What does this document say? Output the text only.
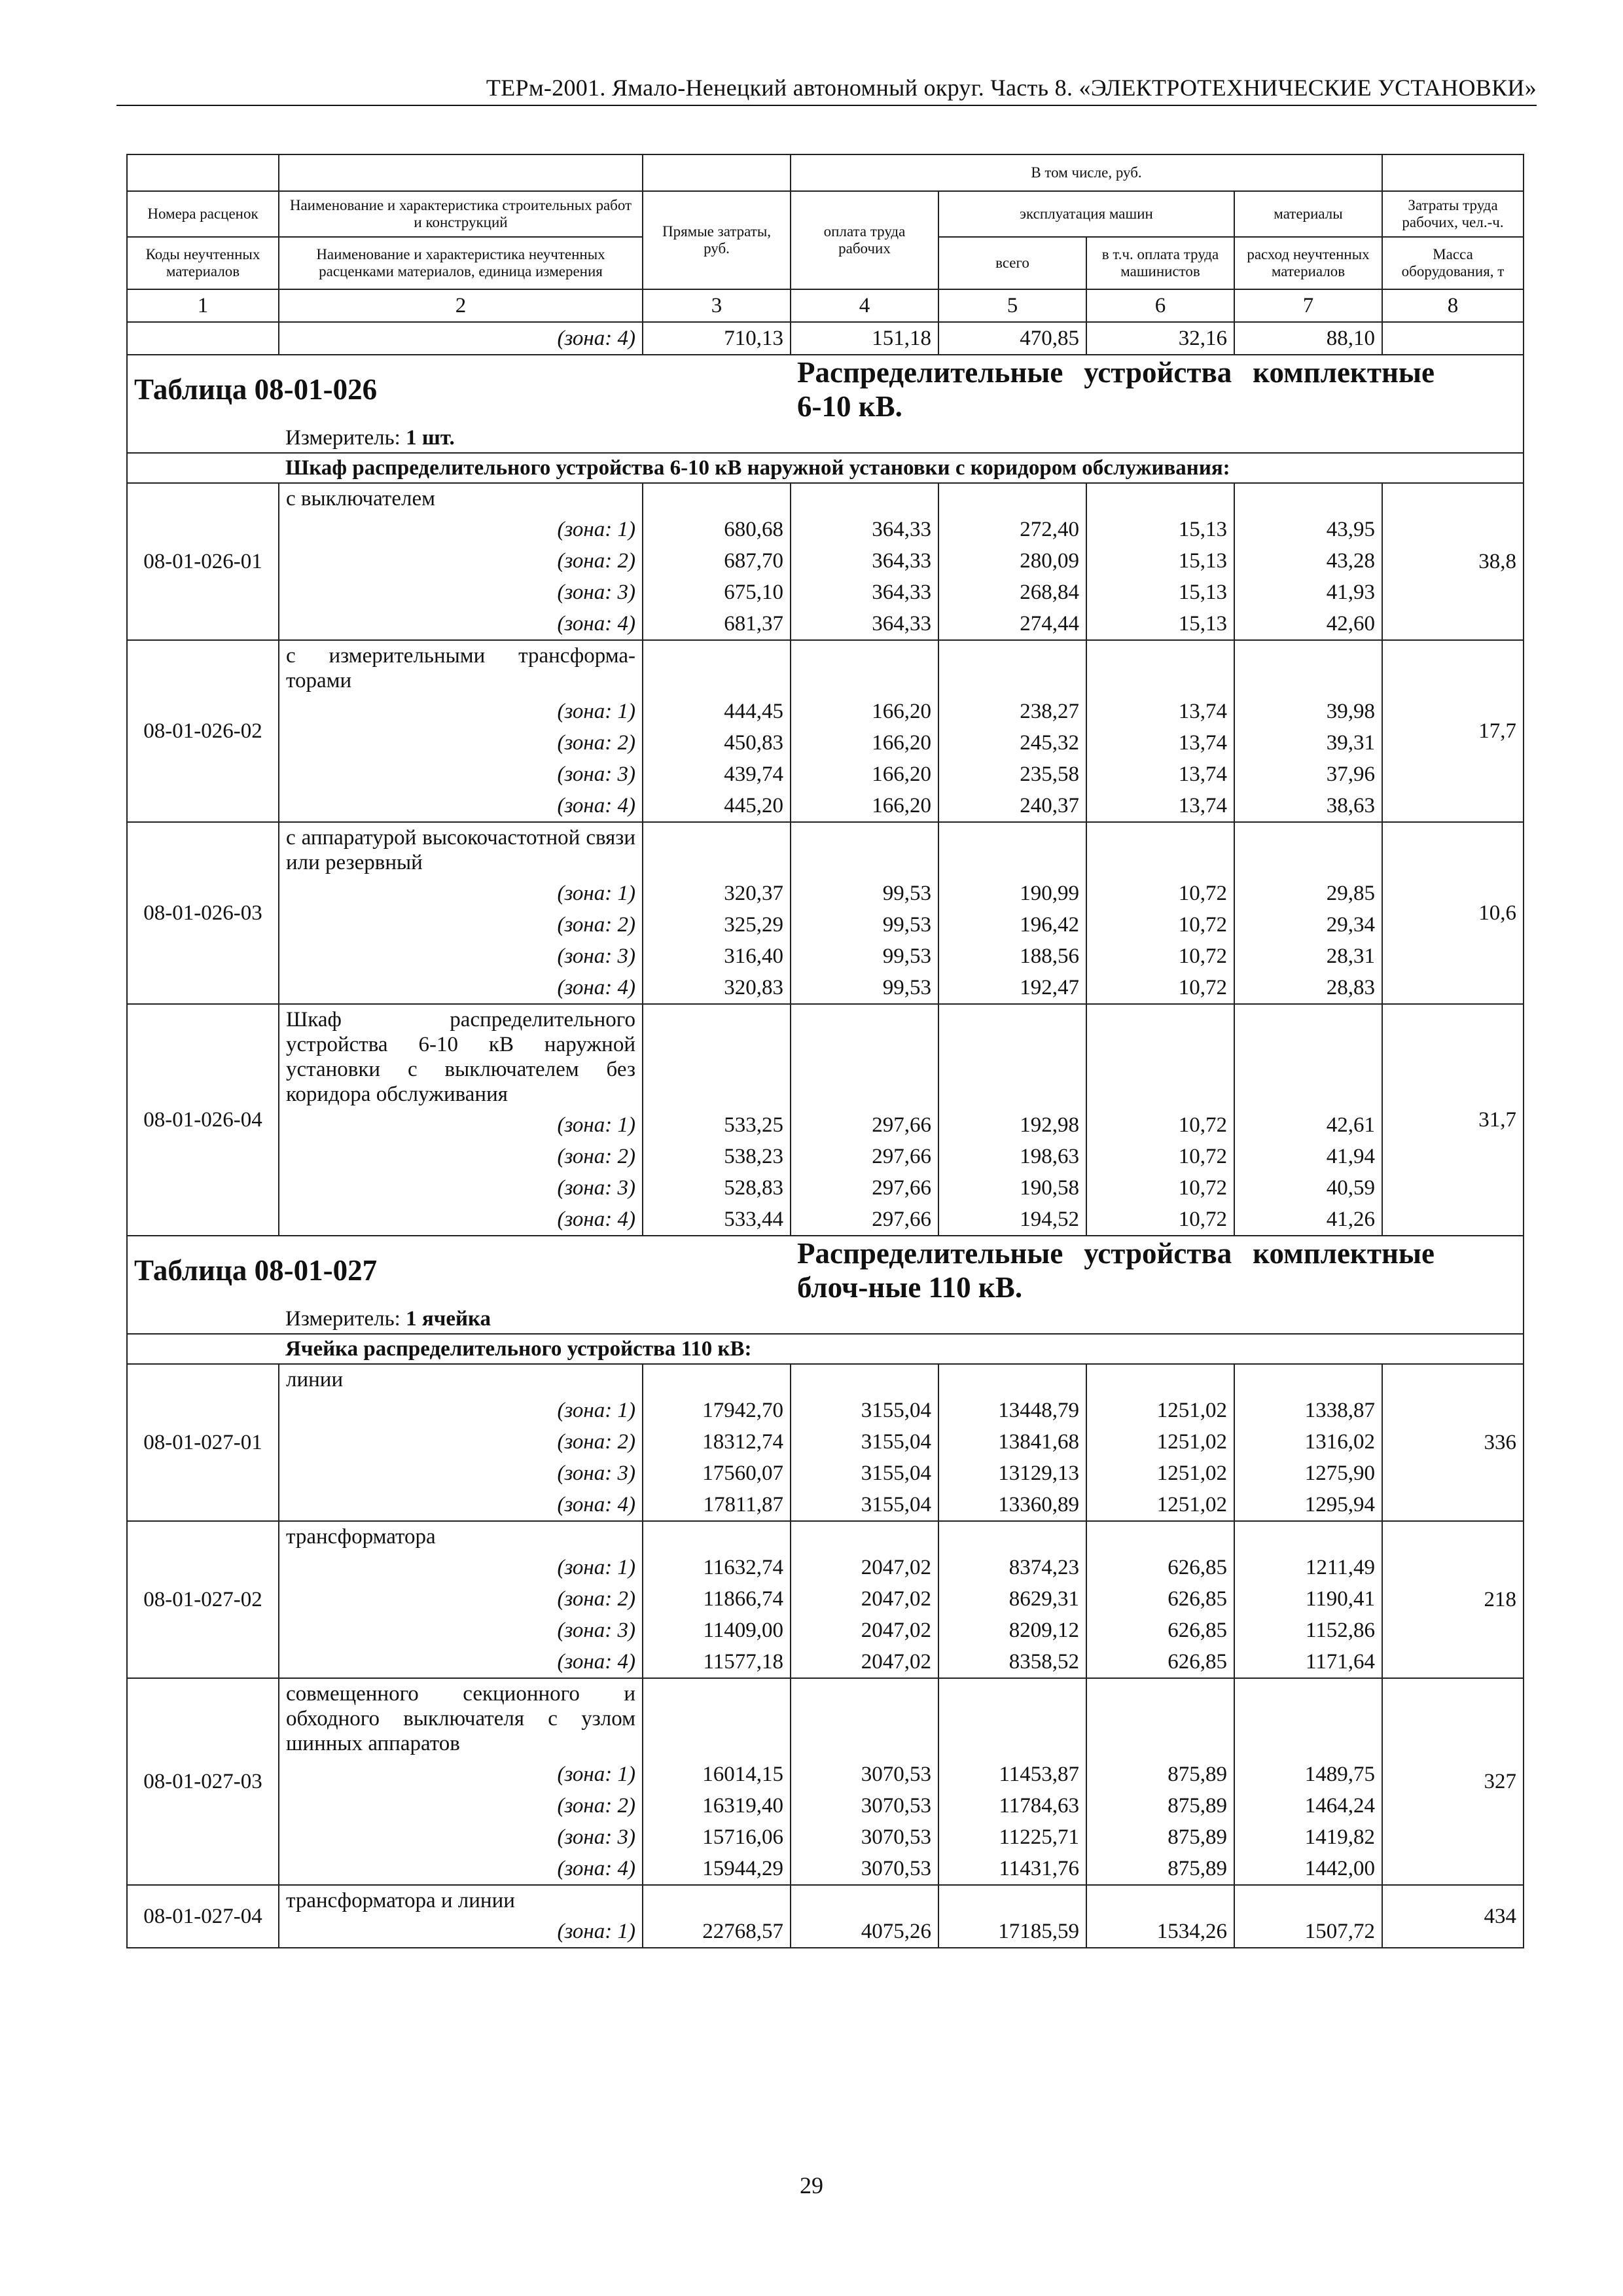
ТЕРм-2001. Ямало-Ненецкий автономный округ. Часть 8. «ЭЛЕКТРОТЕХНИЧЕСКИЕ УСТАНОВКИ»
			В том числе, руб.				
Номера расценок	Наименование и характеристика строительных работ и конструкций	Прямые затраты, руб.	оплата труда рабочих	эксплуатация машин		материалы	Затраты труда рабочих, чел.-ч.
Коды неучтенных материалов	Наименование и характеристика неучтенных расценками материалов, единица измерения			всего	в т.ч. оплата труда машинистов	расход неучтенных материалов	Масса оборудования, т
1	2	3	4	5	6	7	8
	(зона: 4)	710,13	151,18	470,85	32,16	88,10	
Таблица 08-01-026			Распределительные устройства комплектные 6-10 кВ.				
	Измеритель: 1 шт.						
	Шкаф распределительного устройства 6-10 кВ наружной установки с коридором обслуживания:						
08-01-026-01	с выключателем						38,8
	(зона: 1)	680,68	364,33	272,40	15,13	43,95	
	(зона: 2)	687,70	364,33	280,09	15,13	43,28	
	(зона: 3)	675,10	364,33	268,84	15,13	41,93	
	(зона: 4)	681,37	364,33	274,44	15,13	42,60	
08-01-026-02	с измерительными трансформа-торами						17,7
	(зона: 1)	444,45	166,20	238,27	13,74	39,98	
	(зона: 2)	450,83	166,20	245,32	13,74	39,31	
	(зона: 3)	439,74	166,20	235,58	13,74	37,96	
	(зона: 4)	445,20	166,20	240,37	13,74	38,63	
08-01-026-03	с аппаратурой высокочастотной связи или резервный						10,6
	(зона: 1)	320,37	99,53	190,99	10,72	29,85	
	(зона: 2)	325,29	99,53	196,42	10,72	29,34	
	(зона: 3)	316,40	99,53	188,56	10,72	28,31	
	(зона: 4)	320,83	99,53	192,47	10,72	28,83	
08-01-026-04	Шкаф распределительного устройства 6-10 кВ наружной установки с выключателем без коридора обслуживания						31,7
	(зона: 1)	533,25	297,66	192,98	10,72	42,61	
	(зона: 2)	538,23	297,66	198,63	10,72	41,94	
	(зона: 3)	528,83	297,66	190,58	10,72	40,59	
	(зона: 4)	533,44	297,66	194,52	10,72	41,26	
Таблица 08-01-027			Распределительные устройства комплектные блоч-ные 110 кВ.				
	Измеритель: 1 ячейка						
	Ячейка распределительного устройства 110 кВ:						
08-01-027-01	линии						336
	(зона: 1)	17942,70	3155,04	13448,79	1251,02	1338,87	
	(зона: 2)	18312,74	3155,04	13841,68	1251,02	1316,02	
	(зона: 3)	17560,07	3155,04	13129,13	1251,02	1275,90	
	(зона: 4)	17811,87	3155,04	13360,89	1251,02	1295,94	
08-01-027-02	трансформатора						218
	(зона: 1)	11632,74	2047,02	8374,23	626,85	1211,49	
	(зона: 2)	11866,74	2047,02	8629,31	626,85	1190,41	
	(зона: 3)	11409,00	2047,02	8209,12	626,85	1152,86	
	(зона: 4)	11577,18	2047,02	8358,52	626,85	1171,64	
08-01-027-03	совмещенного секционного и обходного выключателя с узлом шинных аппаратов						327
	(зона: 1)	16014,15	3070,53	11453,87	875,89	1489,75	
	(зона: 2)	16319,40	3070,53	11784,63	875,89	1464,24	
	(зона: 3)	15716,06	3070,53	11225,71	875,89	1419,82	
	(зона: 4)	15944,29	3070,53	11431,76	875,89	1442,00	
08-01-027-04	трансформатора и линии						434
	(зона: 1)	22768,57	4075,26	17185,59	1534,26	1507,72	
29
